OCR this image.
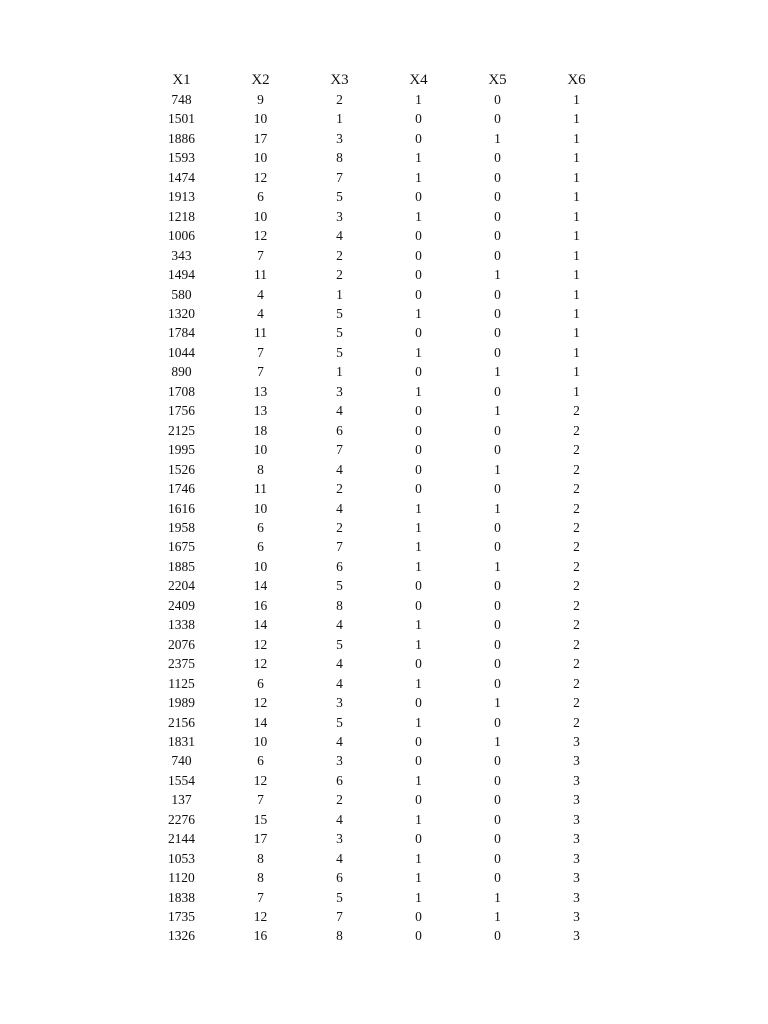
X1	X2	X3	X4	X5	X6
748	9	2	1	0	1
1501	10	1	0	0	1
1886	17	3	0	1	1
1593	10	8	1	0	1
1474	12	7	1	0	1
1913	6	5	0	0	1
1218	10	3	1	0	1
1006	12	4	0	0	1
343	7	2	0	0	1
1494	11	2	0	1	1
580	4	1	0	0	1
1320	4	5	1	0	1
1784	11	5	0	0	1
1044	7	5	1	0	1
890	7	1	0	1	1
1708	13	3	1	0	1
1756	13	4	0	1	2
2125	18	6	0	0	2
1995	10	7	0	0	2
1526	8	4	0	1	2
1746	11	2	0	0	2
1616	10	4	1	1	2
1958	6	2	1	0	2
1675	6	7	1	0	2
1885	10	6	1	1	2
2204	14	5	0	0	2
2409	16	8	0	0	2
1338	14	4	1	0	2
2076	12	5	1	0	2
2375	12	4	0	0	2
1125	6	4	1	0	2
1989	12	3	0	1	2
2156	14	5	1	0	2
1831	10	4	0	1	3
740	6	3	0	0	3
1554	12	6	1	0	3
137	7	2	0	0	3
2276	15	4	1	0	3
2144	17	3	0	0	3
1053	8	4	1	0	3
1120	8	6	1	0	3
1838	7	5	1	1	3
1735	12	7	0	1	3
1326	16	8	0	0	3
